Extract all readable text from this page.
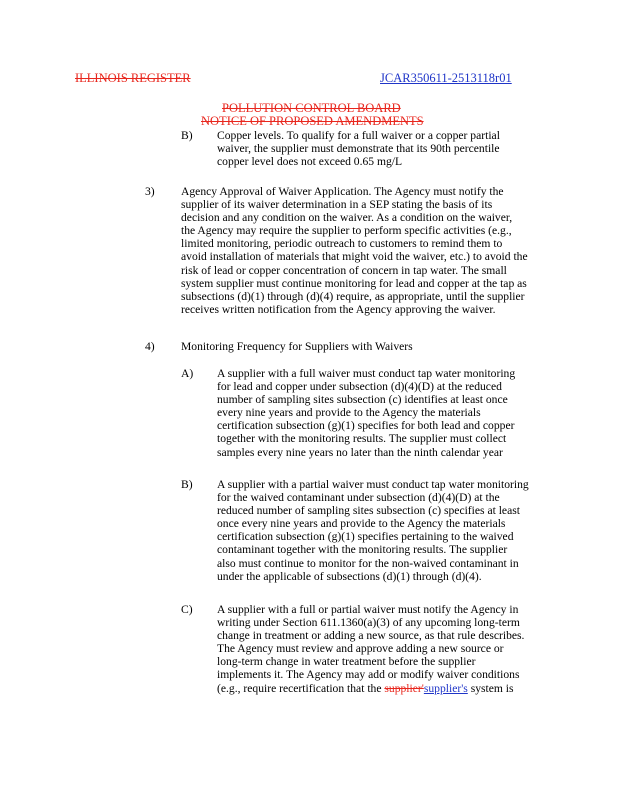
ILLINOIS REGISTER	JCAR350611-2513118r01
POLLUTION CONTROL BOARD
NOTICE OF PROPOSED AMENDMENTS
B) Copper levels. To qualify for a full waiver or a copper partial
waiver, the supplier must demonstrate that its 90th percentile
copper level does not exceed 0.65 mg/L
3) Agency Approval of Waiver Application. The Agency must notify the
supplier of its waiver determination in a SEP stating the basis of its
decision and any condition on the waiver. As a condition on the waiver,
the Agency may require the supplier to perform specific activities (e.g.,
limited monitoring, periodic outreach to customers to remind them to
avoid installation of materials that might void the waiver, etc.) to avoid the
risk of lead or copper concentration of concern in tap water. The small
system supplier must continue monitoring for lead and copper at the tap as
subsections (d)(1) through (d)(4) require, as appropriate, until the supplier
receives written notification from the Agency approving the waiver.
4) Monitoring Frequency for Suppliers with Waivers
A) A supplier with a full waiver must conduct tap water monitoring
for lead and copper under subsection (d)(4)(D) at the reduced
number of sampling sites subsection (c) identifies at least once
every nine years and provide to the Agency the materials
certification subsection (g)(1) specifies for both lead and copper
together with the monitoring results. The supplier must collect
samples every nine years no later than the ninth calendar year
B) A supplier with a partial waiver must conduct tap water monitoring
for the waived contaminant under subsection (d)(4)(D) at the
reduced number of sampling sites subsection (c) specifies at least
once every nine years and provide to the Agency the materials
certification subsection (g)(1) specifies pertaining to the waived
contaminant together with the monitoring results. The supplier
also must continue to monitor for the non-waived contaminant in
under the applicable of subsections (d)(1) through (d)(4).
C) A supplier with a full or partial waiver must notify the Agency in
writing under Section 611.1360(a)(3) of any upcoming long-term
change in treatment or adding a new source, as that rule describes.
The Agency must review and approve adding a new source or
long-term change in water treatment before the supplier
implements it. The Agency may add or modify waiver conditions
(e.g., require recertification that the supplier'supplier's system is
